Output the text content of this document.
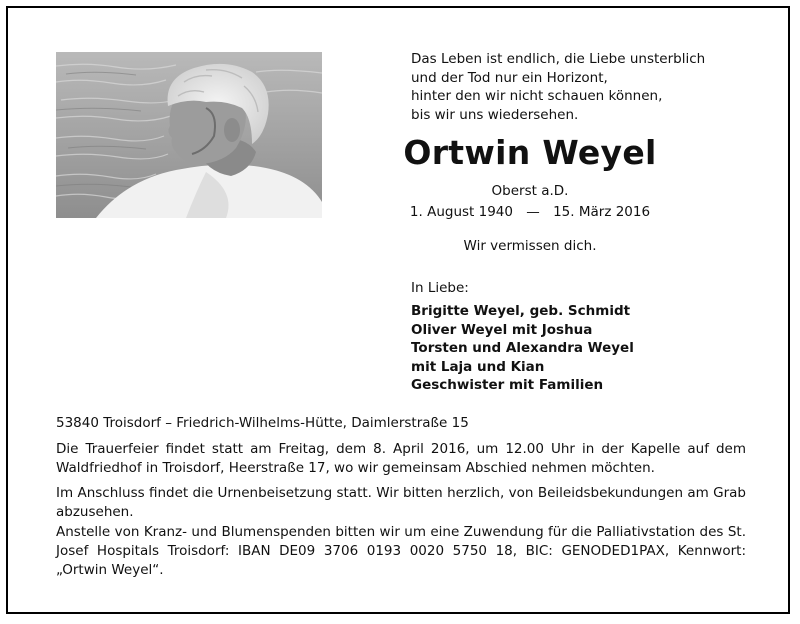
Das Leben ist endlich, die Liebe unsterblich
und der Tod nur ein Horizont,
hinter den wir nicht schauen können,
bis wir uns wiedersehen.
Ortwin Weyel
Oberst a.D.
1. August 1940 — 15. März 2016
Wir vermissen dich.
In Liebe:
Brigitte Weyel, geb. Schmidt
Oliver Weyel mit Joshua
Torsten und Alexandra Weyel
mit Laja und Kian
Geschwister mit Familien
53840 Troisdorf – Friedrich-Wilhelms-Hütte, Daimlerstraße 15
Die Trauerfeier findet statt am Freitag, dem 8. April 2016, um 12.00 Uhr in der Kapelle auf dem Waldfriedhof in Troisdorf, Heerstraße 17, wo wir gemeinsam Abschied nehmen möchten.
Im Anschluss findet die Urnenbeisetzung statt. Wir bitten herzlich, von Beileidsbekundungen am Grab abzusehen.
Anstelle von Kranz- und Blumenspenden bitten wir um eine Zuwendung für die Palliativstation des St. Josef Hospitals Troisdorf: IBAN DE09 3706 0193 0020 5750 18, BIC: GENODED1PAX, Kennwort: „Ortwin Weyel“.
